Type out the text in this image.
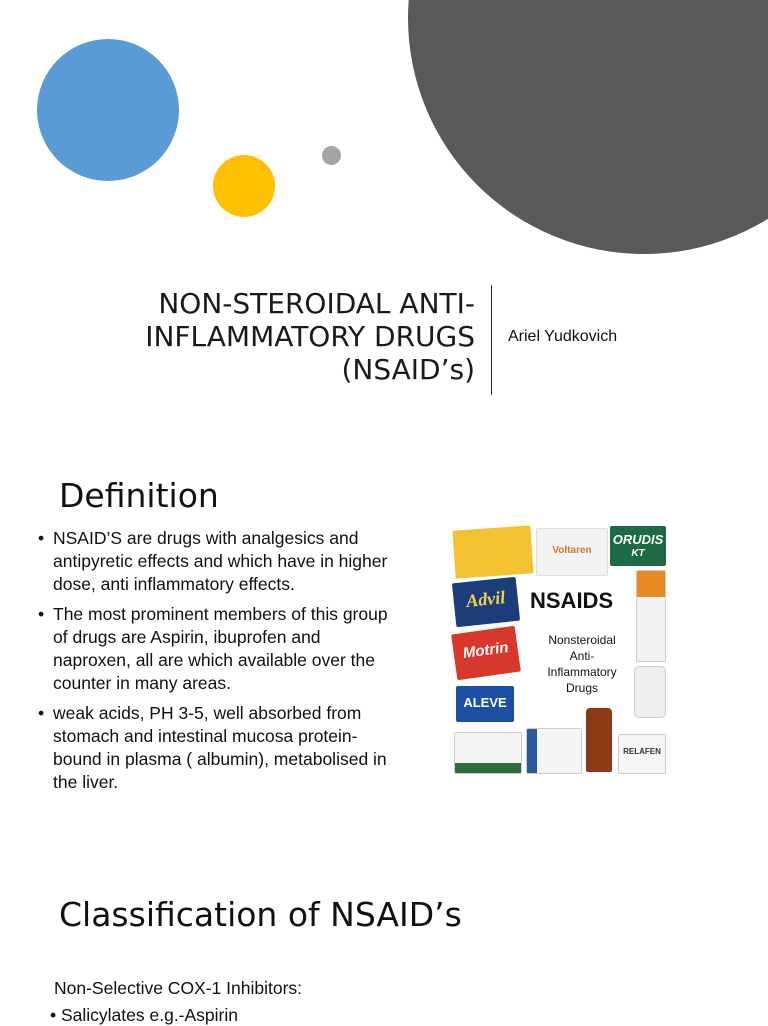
NON-STEROIDAL ANTI-INFLAMMATORY DRUGS (NSAID’s)
Ariel Yudkovich
Definition
• NSAID’S are drugs with analgesics and antipyretic effects and which have in higher dose, anti inflammatory effects.
• The most prominent members of this group of drugs are Aspirin, ibuprofen and naproxen, all are which available over the counter in many areas.
• weak acids, PH 3-5, well absorbed from stomach and intestinal mucosa protein-bound in plasma ( albumin), metabolised in the liver.
Voltaren
ORUDIS
KT
Advil
Motrin
ALEVE
NSAIDS
Nonsteroidal
Anti-Inflammatory
Drugs
RELAFEN
Classification of NSAID’s
Non-Selective COX-1 Inhibitors:
• Salicylates e.g.-Aspirin
